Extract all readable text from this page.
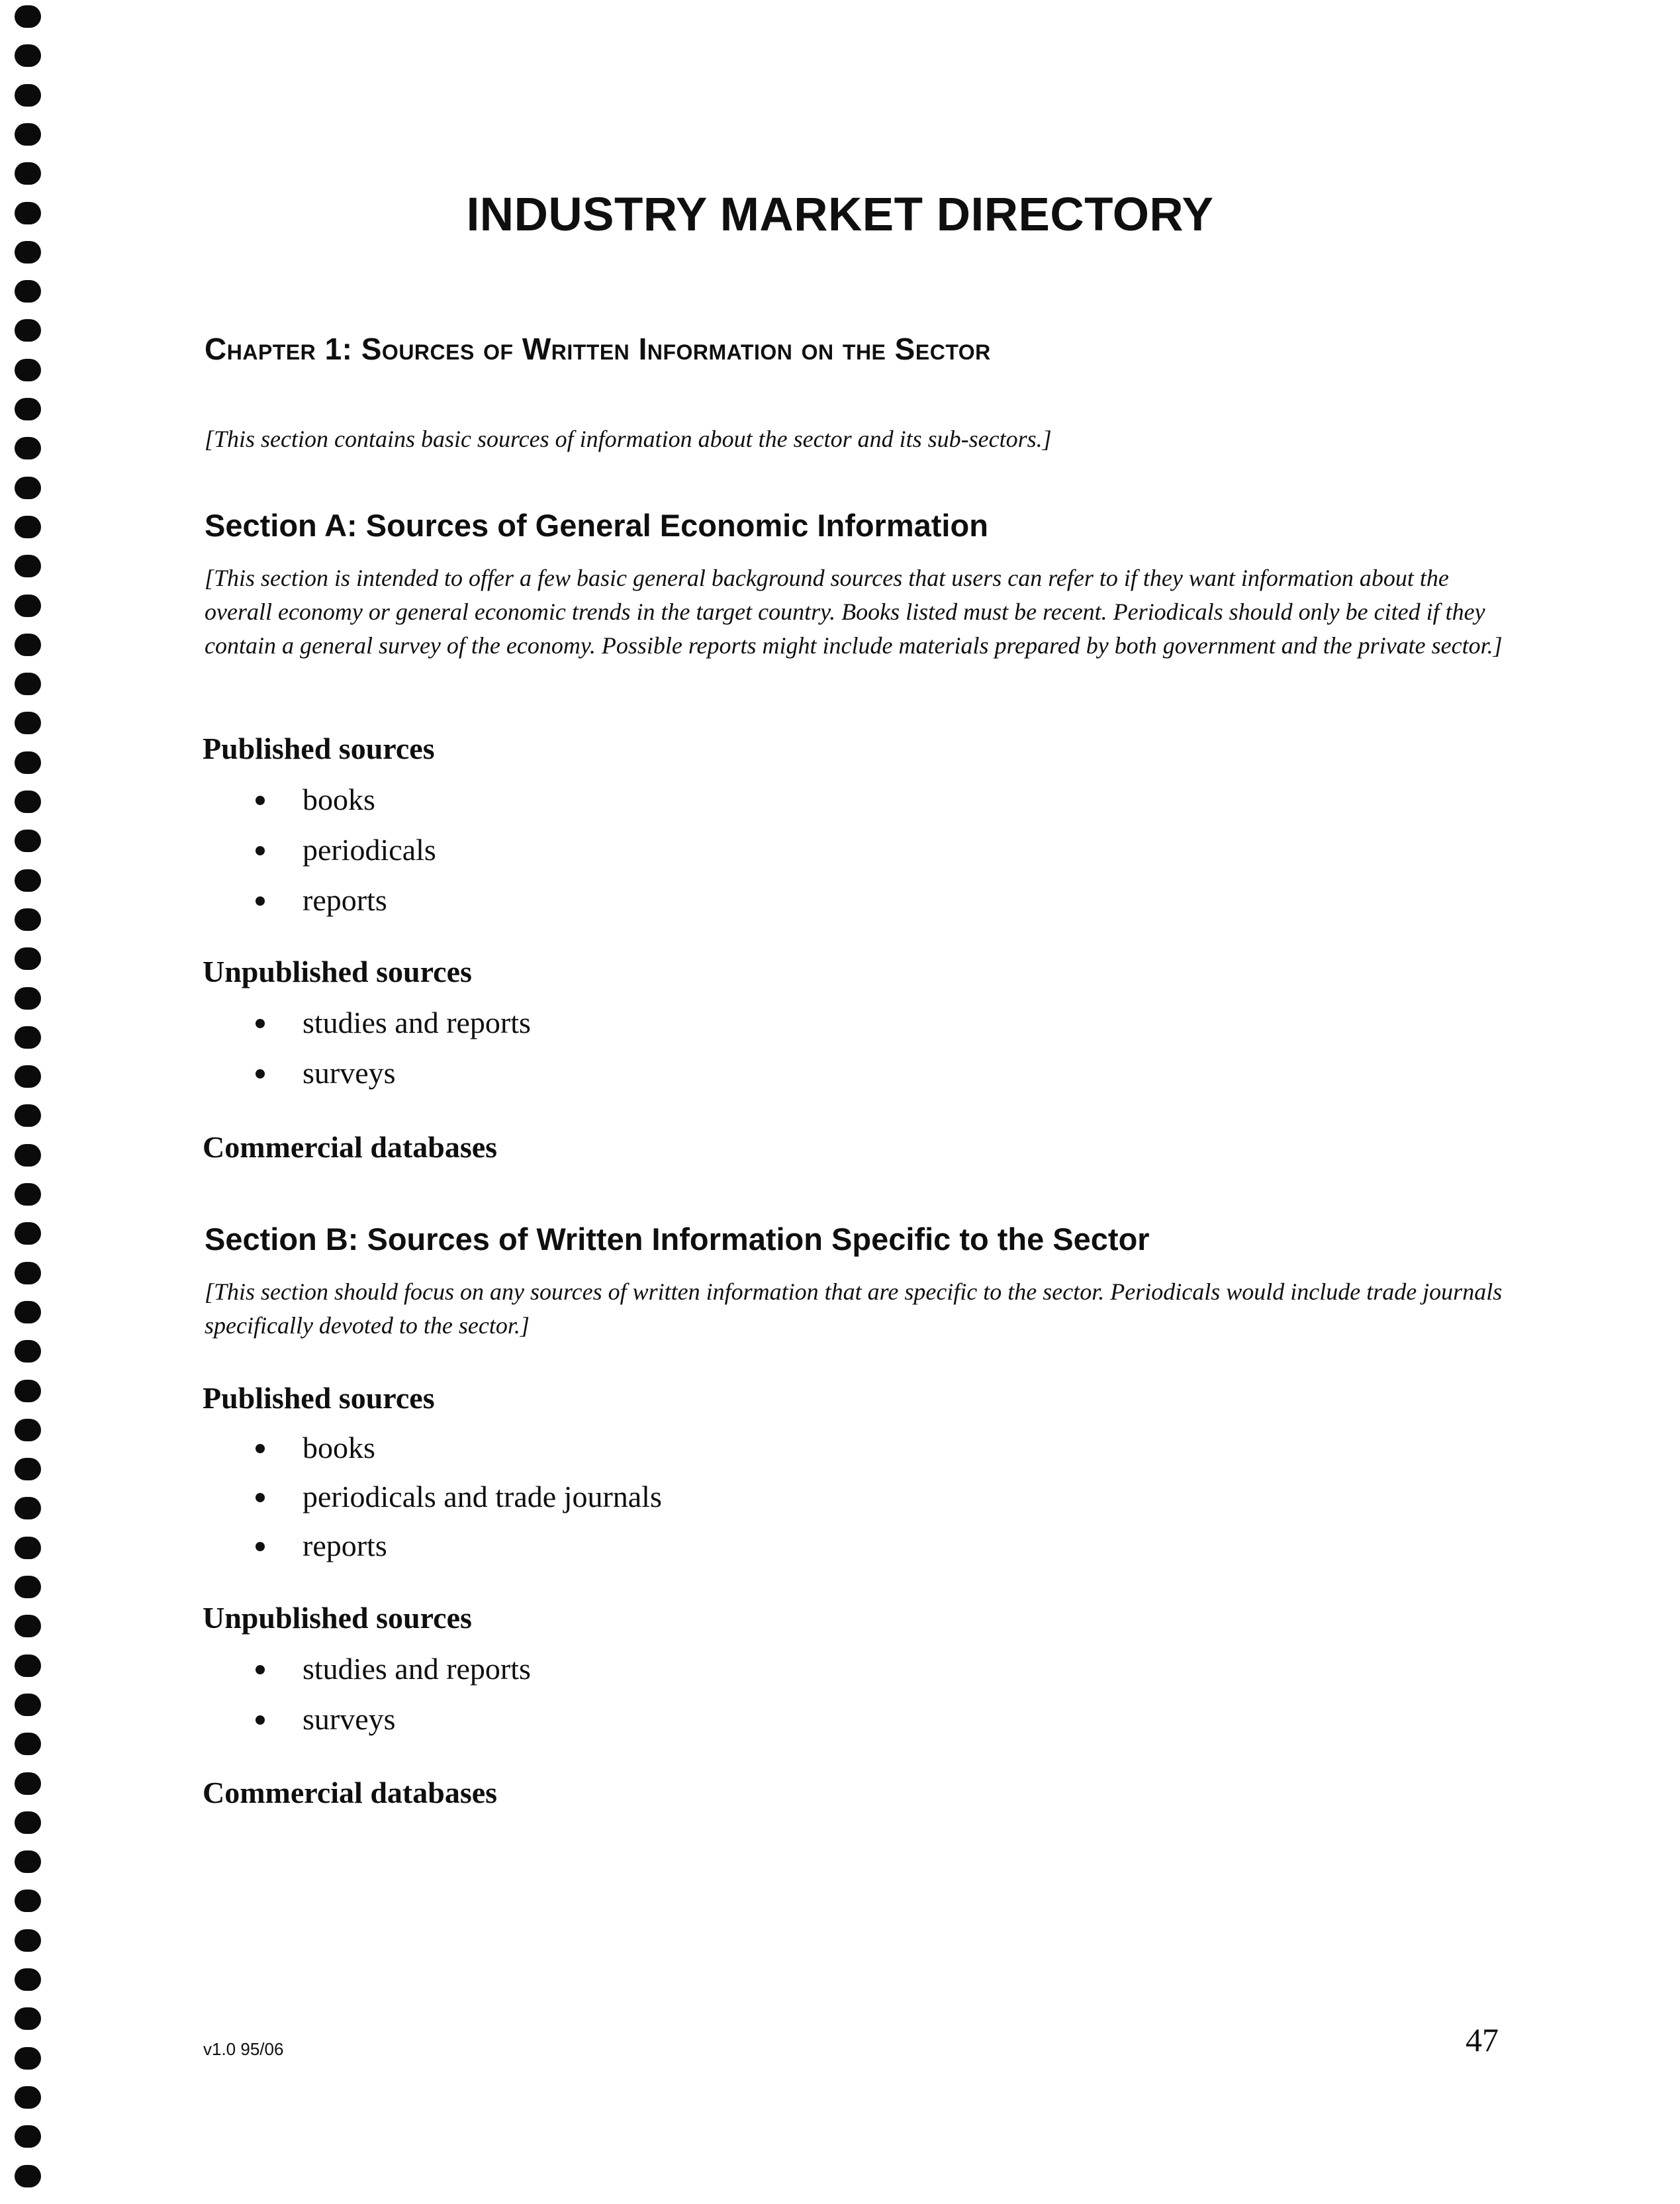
INDUSTRY MARKET DIRECTORY
Chapter 1: Sources of Written Information on the Sector

[This section contains basic sources of information about the sector and its sub-sectors.]

Section A: Sources of General Economic Information

[This section is intended to offer a few basic general background sources that users can refer to if they want information about the overall economy or general economic trends in the target country. Books listed must be recent. Periodicals should only be cited if they contain a general survey of the economy. Possible reports might include materials prepared by both government and the private sector.]

Published sources
books
periodicals
reports
Unpublished sources
studies and reports
surveys
Commercial databases
Section B: Sources of Written Information Specific to the Sector

[This section should focus on any sources of written information that are specific to the sector. Periodicals would include trade journals specifically devoted to the sector.]

Published sources
books
periodicals and trade journals
reports
Unpublished sources
studies and reports
surveys
Commercial databases
v1.0 95/06	47
